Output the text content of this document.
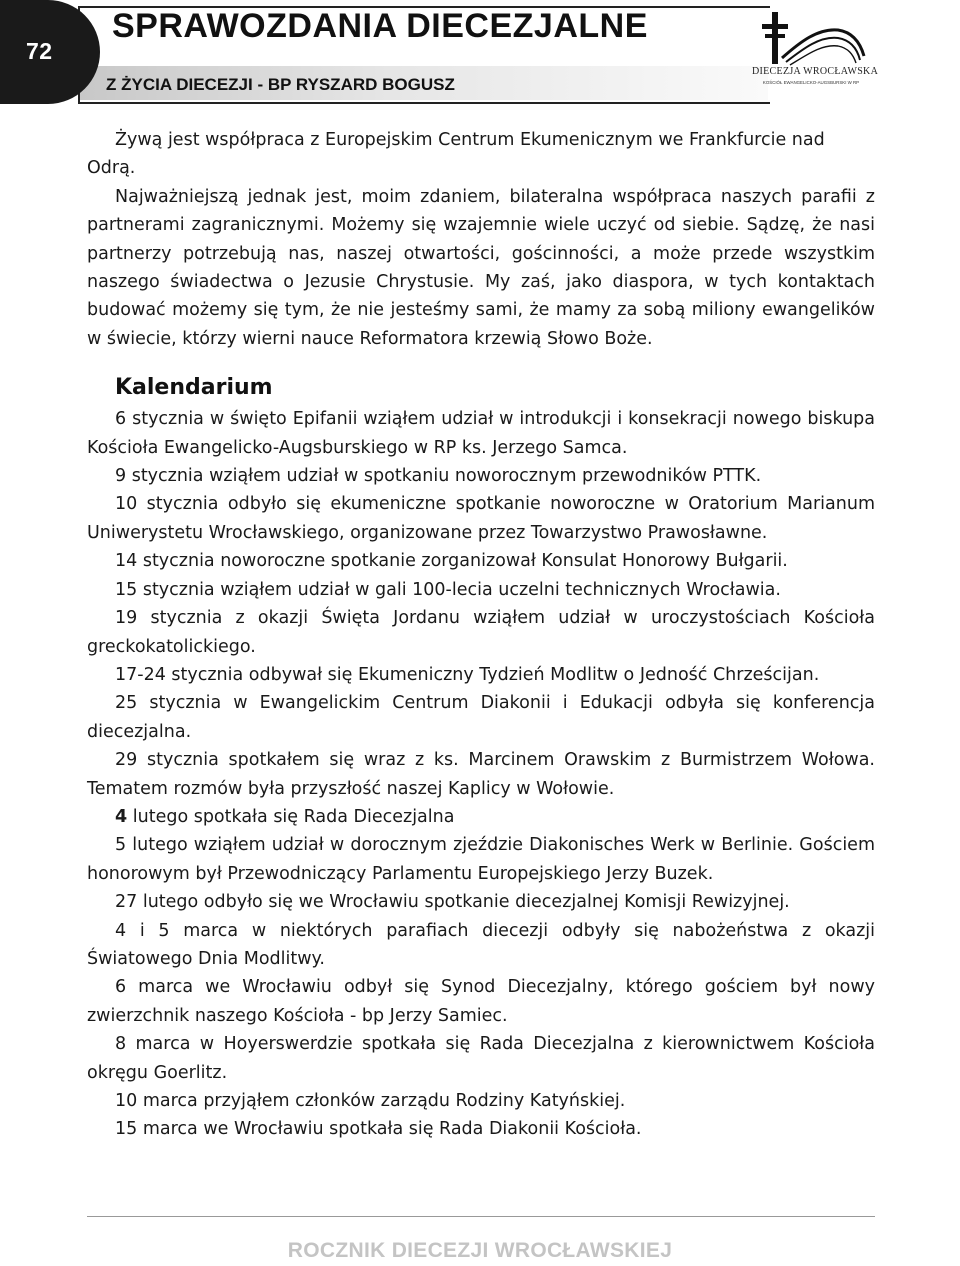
72
SPRAWOZDANIA DIECEZJALNE
Z ŻYCIA DIECEZJI - BP RYSZARD BOGUSZ
DIECEZJA WROCŁAWSKA
KOŚCIÓŁ EWANGELICKO-AUGSBURSKI W RP

Żywą jest współpraca z Europejskim Centrum Ekumenicznym we Frankfurcie nad Odrą.

Najważniejszą jednak jest, moim zdaniem, bilateralna współpraca naszych parafii z partnerami zagranicznymi. Możemy się wzajemnie wiele uczyć od siebie. Sądzę, że nasi partnerzy potrzebują nas, naszej otwartości, gościnności, a może przede wszystkim naszego świadectwa o Jezusie Chrystusie. My zaś, jako diaspora, w tych kontaktach budować możemy się tym, że nie jesteśmy sami, że mamy za sobą miliony ewangelików w świecie, którzy wierni nauce Reformatora krzewią Słowo Boże.

Kalendarium

6 stycznia w święto Epifanii wziąłem udział w introdukcji i konsekracji nowego biskupa Kościoła Ewangelicko-Augsburskiego w RP ks. Jerzego Samca.

9 stycznia wziąłem udział w spotkaniu noworocznym przewodników PTTK.

10 stycznia odbyło się ekumeniczne spotkanie noworoczne w Oratorium Marianum Uniwerystetu Wrocławskiego, organizowane przez Towarzystwo Prawosławne.

14 stycznia noworoczne spotkanie zorganizował Konsulat Honorowy Bułgarii.

15 stycznia wziąłem udział w gali 100-lecia uczelni technicznych Wrocławia.

19 stycznia z okazji Święta Jordanu wziąłem udział w uroczystościach Kościoła greckokatolickiego.

17-24 stycznia odbywał się Ekumeniczny Tydzień Modlitw o Jedność Chrześcijan.

25 stycznia w Ewangelickim Centrum Diakonii i Edukacji odbyła się konferencja diecezjalna.

29 stycznia spotkałem się wraz z ks. Marcinem Orawskim z Burmistrzem Wołowa. Tematem rozmów była przyszłość naszej Kaplicy w Wołowie.

4 lutego spotkała się Rada Diecezjalna

5 lutego wziąłem udział w dorocznym zjeździe Diakonisches Werk w Berlinie. Gościem honorowym był Przewodniczący Parlamentu Europejskiego Jerzy Buzek.

27 lutego odbyło się we Wrocławiu spotkanie diecezjalnej Komisji Rewizyjnej.

4 i 5 marca w niektórych parafiach diecezji odbyły się nabożeństwa z okazji Światowego Dnia Modlitwy.

6 marca we Wrocławiu odbył się Synod Diecezjalny, którego gościem był nowy zwierzchnik naszego Kościoła - bp Jerzy Samiec.

8 marca w Hoyerswerdzie spotkała się Rada Diecezjalna z kierownictwem Kościoła okręgu Goerlitz.

10 marca przyjąłem członków zarządu Rodziny Katyńskiej.

15 marca we Wrocławiu spotkała się Rada Diakonii Kościoła.

ROCZNIK DIECEZJI WROCŁAWSKIEJ
